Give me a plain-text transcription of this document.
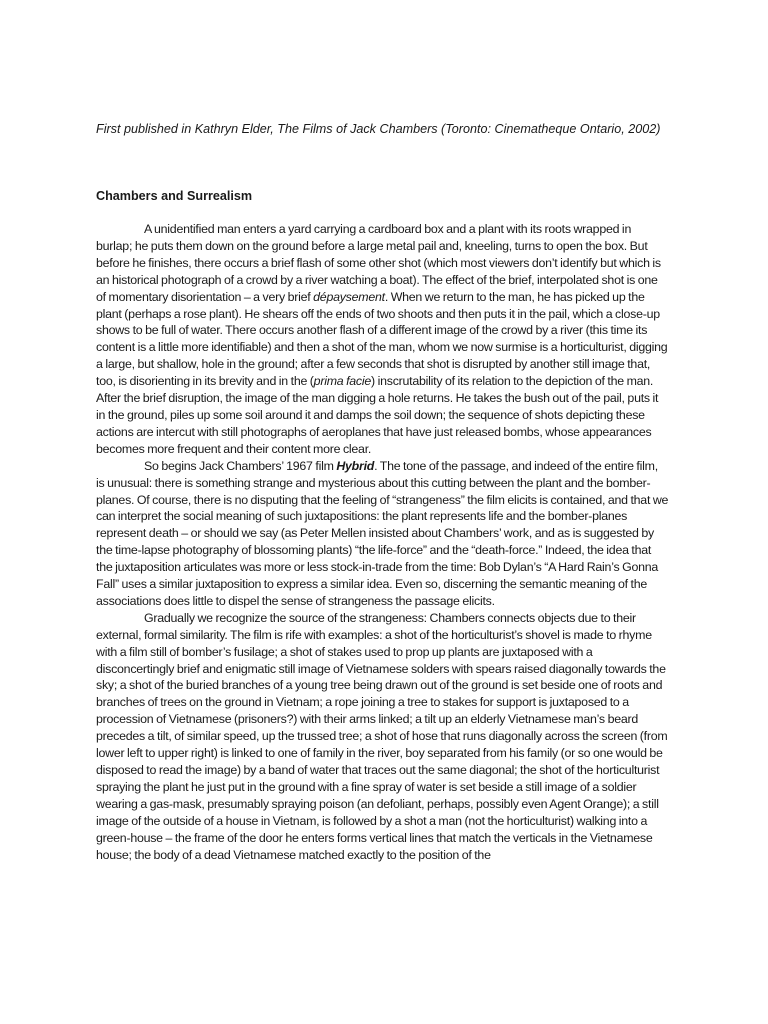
First published in Kathryn Elder, The Films of Jack Chambers (Toronto: Cinematheque Ontario, 2002)

Chambers and Surrealism

A unidentified man enters a yard carrying a cardboard box and a plant with its roots wrapped in burlap; he puts them down on the ground before a large metal pail and, kneeling, turns to open the box. But before he finishes, there occurs a brief flash of some other shot (which most viewers don’t identify but which is an historical photograph of a crowd by a river watching a boat). The effect of the brief, interpolated shot is one of momentary disorientation – a very brief dépaysement. When we return to the man, he has picked up the plant (perhaps a rose plant). He shears off the ends of two shoots and then puts it in the pail, which a close-up shows to be full of water. There occurs another flash of a different image of the crowd by a river (this time its content is a little more identifiable) and then a shot of the man, whom we now surmise is a horticulturist, digging a large, but shallow, hole in the ground; after a few seconds that shot is disrupted by another still image that, too, is disorienting in its brevity and in the (prima facie) inscrutability of its relation to the depiction of the man. After the brief disruption, the image of the man digging a hole returns. He takes the bush out of the pail, puts it in the ground, piles up some soil around it and damps the soil down; the sequence of shots depicting these actions are intercut with still photographs of aeroplanes that have just released bombs, whose appearances becomes more frequent and their content more clear.

So begins Jack Chambers’ 1967 film Hybrid. The tone of the passage, and indeed of the entire film, is unusual: there is something strange and mysterious about this cutting between the plant and the bomber-planes. Of course, there is no disputing that the feeling of “strangeness” the film elicits is contained, and that we can interpret the social meaning of such juxtapositions: the plant represents life and the bomber-planes represent death – or should we say (as Peter Mellen insisted about Chambers’ work, and as is suggested by the time-lapse photography of blossoming plants) “the life-force” and the “death-force.” Indeed, the idea that the juxtaposition articulates was more or less stock-in-trade from the time: Bob Dylan’s “A Hard Rain’s Gonna Fall” uses a similar juxtaposition to express a similar idea. Even so, discerning the semantic meaning of the associations does little to dispel the sense of strangeness the passage elicits.

Gradually we recognize the source of the strangeness: Chambers connects objects due to their external, formal similarity. The film is rife with examples: a shot of the horticulturist’s shovel is made to rhyme with a film still of bomber’s fusilage; a shot of stakes used to prop up plants are juxtaposed with a disconcertingly brief and enigmatic still image of Vietnamese solders with spears raised diagonally towards the sky; a shot of the buried branches of a young tree being drawn out of the ground is set beside one of roots and branches of trees on the ground in Vietnam; a rope joining a tree to stakes for support is juxtaposed to a procession of Vietnamese (prisoners?) with their arms linked; a tilt up an elderly Vietnamese man’s beard precedes a tilt, of similar speed, up the trussed tree; a shot of hose that runs diagonally across the screen (from lower left to upper right) is linked to one of family in the river, boy separated from his family (or so one would be disposed to read the image) by a band of water that traces out the same diagonal; the shot of the horticulturist spraying the plant he just put in the ground with a fine spray of water is set beside a still image of a soldier wearing a gas-mask, presumably spraying poison (an defoliant, perhaps, possibly even Agent Orange); a still image of the outside of a house in Vietnam, is followed by a shot a man (not the horticulturist) walking into a green-house – the frame of the door he enters forms vertical lines that match the verticals in the Vietnamese house; the body of a dead Vietnamese matched exactly to the position of the
